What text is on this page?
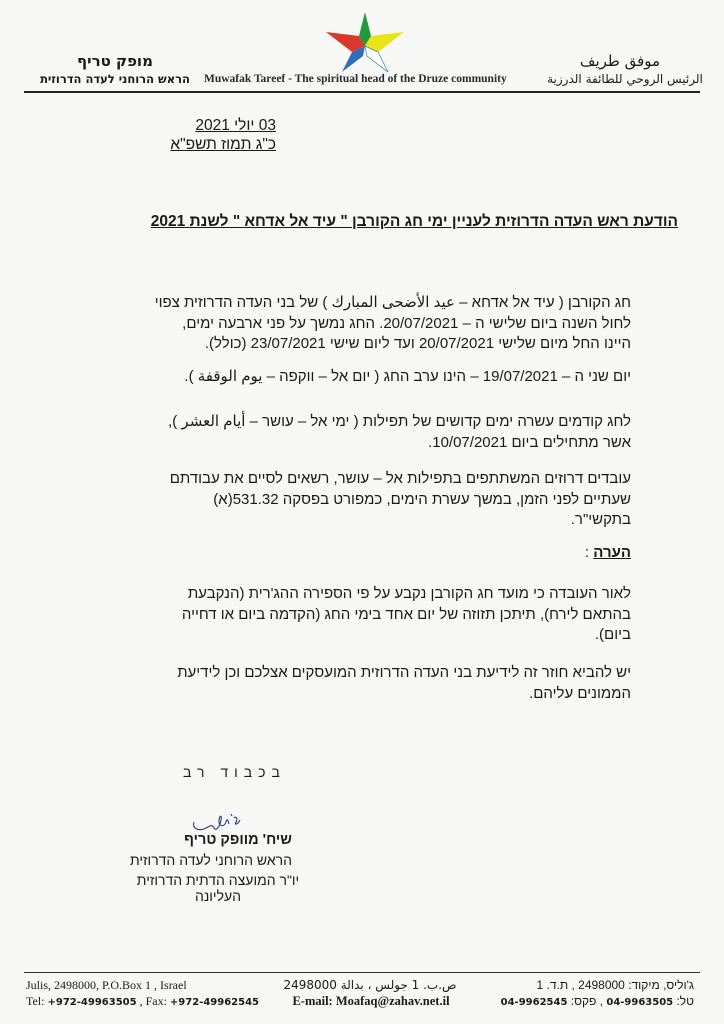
מופק טריף
הראש הרוחני לעדה הדרוזית	Muwafak Tareef - The spiritual head of the Druze community
موفق طريف
الرئيس الروحي للطائفة الدرزية
03 יולי 2021
כ"ג תמוז תשפ"א
הודעת ראש העדה הדרוזית לעניין ימי חג הקורבן " עיד אל אדחא " לשנת 2021
חג הקורבן ( עיד אל אדחא – عيد الأضحى المبارك ) של בני העדה הדרוזית צפוי
לחול השנה ביום שלישי ה – 20/07/2021. החג נמשך על פני ארבעה ימים,
היינו החל מיום שלישי 20/07/2021 ועד ליום שישי 23/07/2021 (כולל).
יום שני ה – 19/07/2021 – הינו ערב החג ( יום אל – ווקפה – يوم الوقفة ).
לחג קודמים עשרה ימים קדושים של תפילות ( ימי אל – עושר – أيام العشر ),
אשר מתחילים ביום 10/07/2021.
עובדים דרוזים המשתתפים בתפילות אל – עושר, רשאים לסיים את עבודתם
שעתיים לפני הזמן, במשך עשרת הימים, כמפורט בפסקה 531.32(א)
בתקשי"ר.
הערה :
לאור העובדה כי מועד חג הקורבן נקבע על פי הספירה ההג'רית (הנקבעת
בהתאם לירח), תיתכן תזוזה של יום אחד בימי החג (הקדמה ביום או דחייה
ביום).
יש להביא חוזר זה לידיעת בני העדה הדרוזית המועסקים אצלכם וכן לידיעת
הממונים עליהם.
בכבוד רב
שיח' מוופק טריף
הראש הרוחני לעדה הדרוזית
יו"ר המועצה הדתית הדרוזית העליונה
Julis, 2498000, P.O.Box 1 , Israel
Tel: +972-49963505 , Fax: +972-49962545
ص.ب. 1 جولس ، بدالة 2498000
E-mail: Moafaq@zahav.net.il
ג'וליס, מיקוד: 2498000 , ת.ד. 1
טל: 04-9963505 , פקס: 04-9962545
